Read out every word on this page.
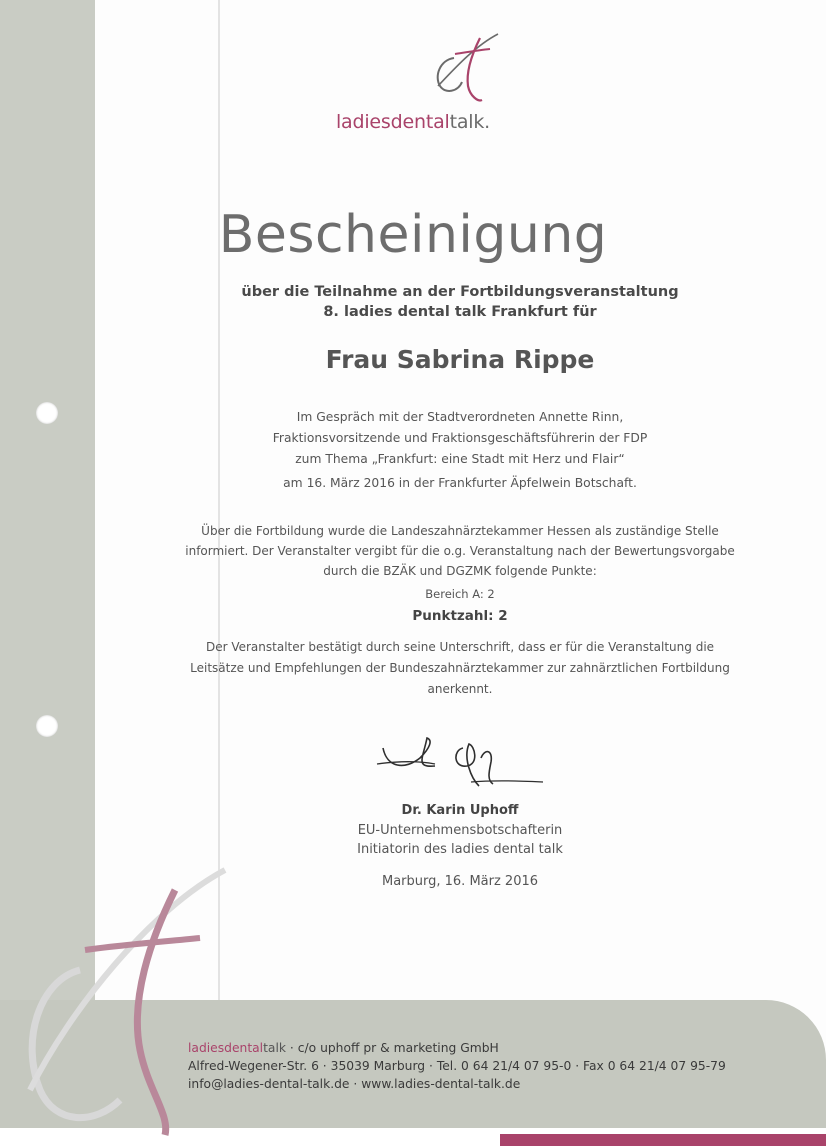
ladiesdentaltalk.
Bescheinigung
über die Teilnahme an der Fortbildungsveranstaltung
8. ladies dental talk Frankfurt für
Frau Sabrina Rippe
Im Gespräch mit der Stadtverordneten Annette Rinn,
Fraktionsvorsitzende und Fraktionsgeschäftsführerin der FDP
zum Thema „Frankfurt: eine Stadt mit Herz und Flair“
am 16. März 2016 in der Frankfurter Äpfelwein Botschaft.
Über die Fortbildung wurde die Landeszahnärztekammer Hessen als zuständige Stelle
informiert. Der Veranstalter vergibt für die o.g. Veranstaltung nach der Bewertungsvorgabe
durch die BZÄK und DGZMK folgende Punkte:
Bereich A: 2
Punktzahl: 2
Der Veranstalter bestätigt durch seine Unterschrift, dass er für die Veranstaltung die
Leitsätze und Empfehlungen der Bundeszahnärztekammer zur zahnärztlichen Fortbildung
anerkennt.
Dr. Karin Uphoff
EU-Unternehmensbotschafterin
Initiatorin des ladies dental talk
Marburg, 16. März 2016
ladiesdentaltalk · c/o uphoff pr & marketing GmbH
Alfred-Wegener-Str. 6 · 35039 Marburg · Tel. 0 64 21/4 07 95-0 · Fax 0 64 21/4 07 95-79
info@ladies-dental-talk.de · www.ladies-dental-talk.de
